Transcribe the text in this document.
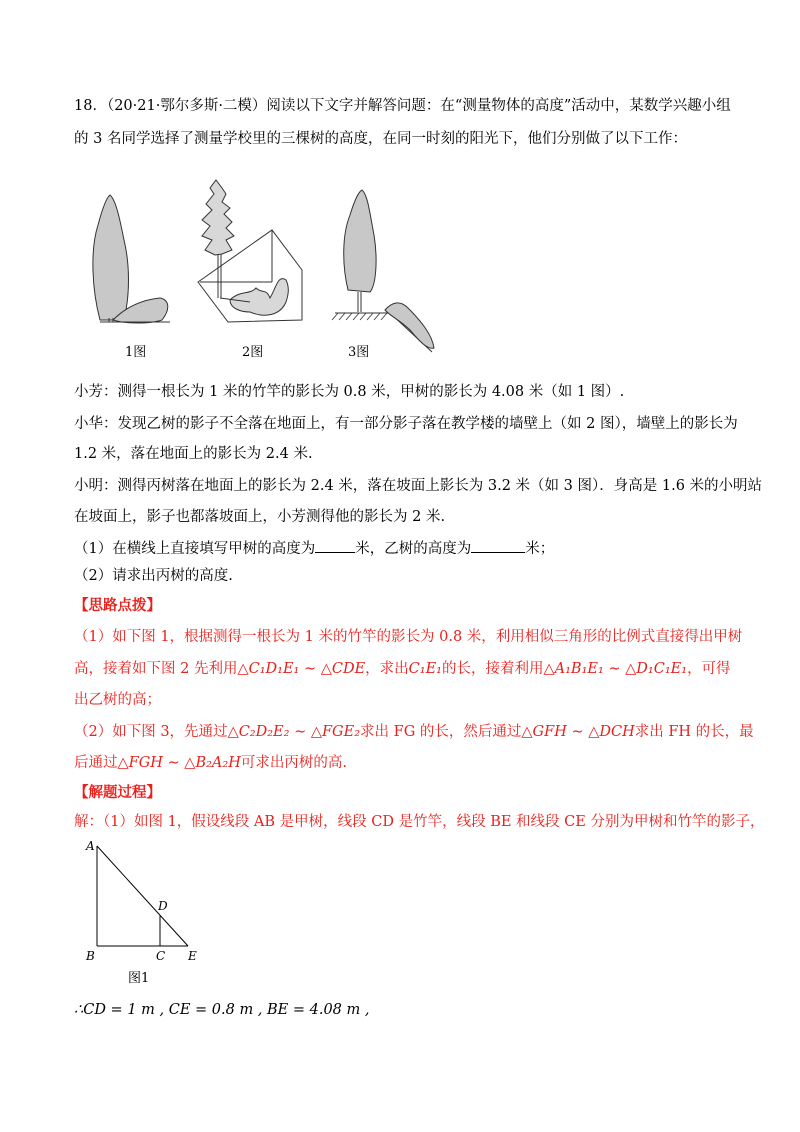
18．（20·21·鄂尔多斯·二模）阅读以下文字并解答问题：在“测量物体的高度”活动中，某数学兴趣小组
的 3 名同学选择了测量学校里的三棵树的高度，在同一时刻的阳光下，他们分别做了以下工作：
1图	2图	3图
小芳：测得一根长为 1 米的竹竿的影长为 0.8 米，甲树的影长为 4.08 米（如 1 图）.
小华：发现乙树的影子不全落在地面上，有一部分影子落在教学楼的墙壁上（如 2 图），墙壁上的影长为
1.2 米，落在地面上的影长为 2.4 米.
小明：测得丙树落在地面上的影长为 2.4 米，落在坡面上影长为 3.2 米（如 3 图）．身高是 1.6 米的小明站
在坡面上，影子也都落坡面上，小芳测得他的影长为 2 米.
（1）在横线上直接填写甲树的高度为	米，乙树的高度为	米；
（2）请求出丙树的高度.
【思路点拨】
（1）如下图 1，根据测得一根长为 1 米的竹竿的影长为 0.8 米，利用相似三角形的比例式直接得出甲树
高，接着如下图 2 先利用△C₁D₁E₁ ∼ △CDE，求出C₁E₁的长，接着利用△A₁B₁E₁ ∼ △D₁C₁E₁，可得
出乙树的高；
（2）如下图 3，先通过△C₂D₂E₂ ∼ △FGE₂求出 FG 的长，然后通过△GFH ∼ △DCH求出 FH 的长，最
后通过△FGH ∼ △B₂A₂H可求出丙树的高.
【解题过程】
解：（1）如图 1，假设线段 AB 是甲树，线段 CD 是竹竿，线段 BE 和线段 CE 分别为甲树和竹竿的影子，
A
B	C
D
E
图1
∴CD = 1 m , CE = 0.8 m , BE = 4.08 m ,
